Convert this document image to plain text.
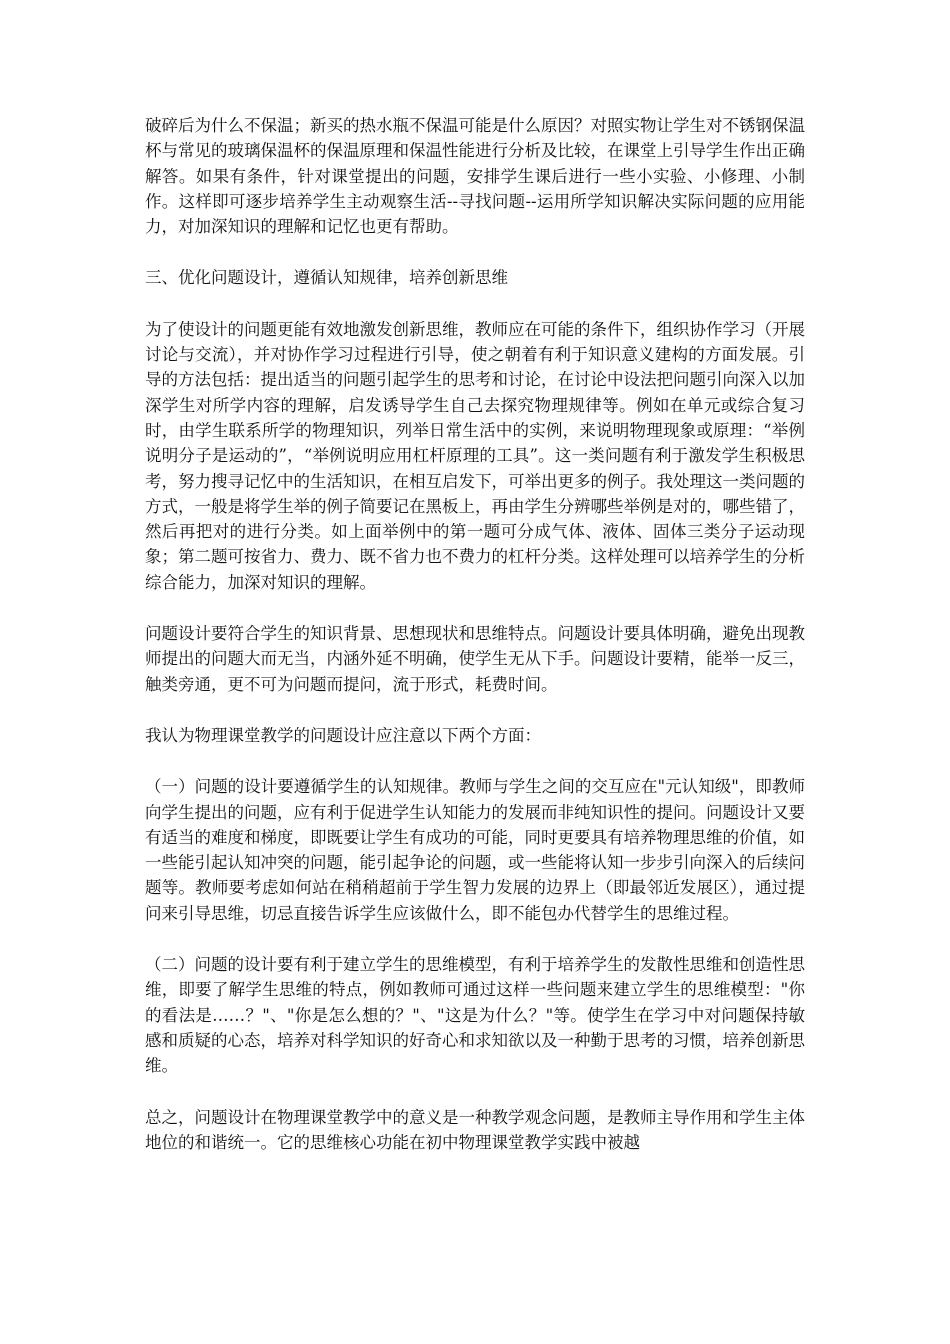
破碎后为什么不保温；新买的热水瓶不保温可能是什么原因？对照实物让学生对不锈钢保温杯与常见的玻璃保温杯的保温原理和保温性能进行分析及比较，在课堂上引导学生作出正确解答。如果有条件，针对课堂提出的问题，安排学生课后进行一些小实验、小修理、小制作。这样即可逐步培养学生主动观察生活--寻找问题--运用所学知识解决实际问题的应用能力，对加深知识的理解和记忆也更有帮助。

三、优化问题设计，遵循认知规律，培养创新思维

为了使设计的问题更能有效地激发创新思维，教师应在可能的条件下，组织协作学习（开展讨论与交流），并对协作学习过程进行引导，使之朝着有利于知识意义建构的方面发展。引导的方法包括：提出适当的问题引起学生的思考和讨论，在讨论中设法把问题引向深入以加深学生对所学内容的理解，启发诱导学生自己去探究物理规律等。例如在单元或综合复习时，由学生联系所学的物理知识，列举日常生活中的实例，来说明物理现象或原理：“举例说明分子是运动的”，“举例说明应用杠杆原理的工具”。这一类问题有利于激发学生积极思考，努力搜寻记忆中的生活知识，在相互启发下，可举出更多的例子。我处理这一类问题的方式，一般是将学生举的例子简要记在黑板上，再由学生分辨哪些举例是对的，哪些错了，然后再把对的进行分类。如上面举例中的第一题可分成气体、液体、固体三类分子运动现象；第二题可按省力、费力、既不省力也不费力的杠杆分类。这样处理可以培养学生的分析综合能力，加深对知识的理解。

问题设计要符合学生的知识背景、思想现状和思维特点。问题设计要具体明确，避免出现教师提出的问题大而无当，内涵外延不明确，使学生无从下手。问题设计要精，能举一反三，触类旁通，更不可为问题而提问，流于形式，耗费时间。

我认为物理课堂教学的问题设计应注意以下两个方面：

（一）问题的设计要遵循学生的认知规律。教师与学生之间的交互应在"元认知级"，即教师向学生提出的问题，应有利于促进学生认知能力的发展而非纯知识性的提问。问题设计又要有适当的难度和梯度，即既要让学生有成功的可能，同时更要具有培养物理思维的价值，如一些能引起认知冲突的问题，能引起争论的问题，或一些能将认知一步步引向深入的后续问题等。教师要考虑如何站在稍稍超前于学生智力发展的边界上（即最邻近发展区），通过提问来引导思维，切忌直接告诉学生应该做什么，即不能包办代替学生的思维过程。

（二）问题的设计要有利于建立学生的思维模型，有利于培养学生的发散性思维和创造性思维，即要了解学生思维的特点，例如教师可通过这样一些问题来建立学生的思维模型："你的看法是……？"、"你是怎么想的？"、"这是为什么？"等。使学生在学习中对问题保持敏感和质疑的心态，培养对科学知识的好奇心和求知欲以及一种勤于思考的习惯，培养创新思维。

总之，问题设计在物理课堂教学中的意义是一种教学观念问题，是教师主导作用和学生主体地位的和谐统一。它的思维核心功能在初中物理课堂教学实践中被越
